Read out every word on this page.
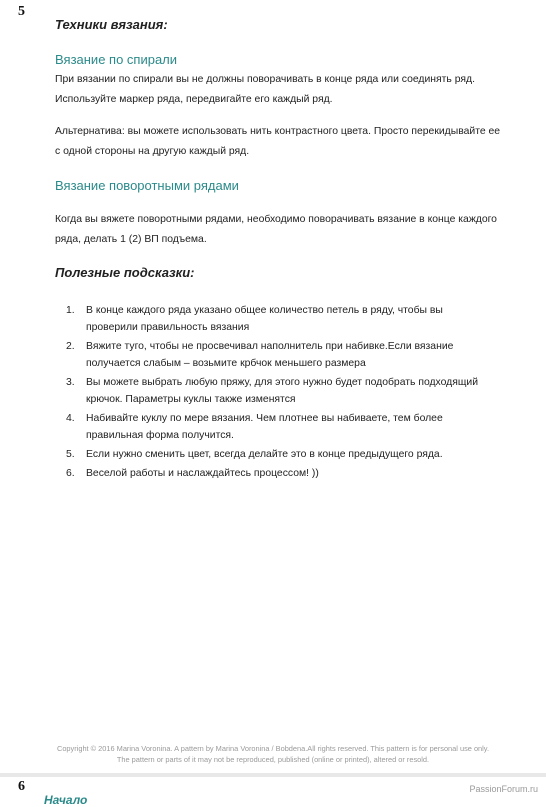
5
Техники вязания:
Вязание по спирали
При вязании по спирали вы не должны поворачивать в конце ряда или соединять ряд. Используйте маркер ряда, передвигайте его каждый ряд.
Альтернатива: вы можете использовать нить контрастного цвета. Просто перекидывайте ее с одной стороны на другую каждый ряд.
Вязание поворотными рядами
Когда вы вяжете поворотными рядами, необходимо поворачивать вязание в конце каждого ряда, делать 1 (2) ВП подъема.
Полезные подсказки:
1. В конце каждого ряда указано общее количество петель в ряду, чтобы вы проверили правильность вязания
2. Вяжите туго, чтобы не просвечивал наполнитель при набивке.Если вязание получается слабым – возьмите крбчок меньшего размера
3. Вы можете выбрать любую пряжу, для этого нужно будет подобрать подходящий крючок. Параметры куклы также изменятся
4. Набивайте куклу по мере вязания. Чем плотнее вы набиваете, тем более правильная форма получится.
5. Если нужно сменить цвет, всегда делайте это в конце предыдущего ряда.
6. Веселой работы и наслаждайтесь процессом! ))
Copyright © 2016 Marina Voronina. A pattern by Marina Voronina / Bobdena.All rights reserved. This pattern is for personal use only.
The pattern or parts of it may not be reproduced, published (online or printed), altered or resold.
6	PassionForum.ru
Начало
